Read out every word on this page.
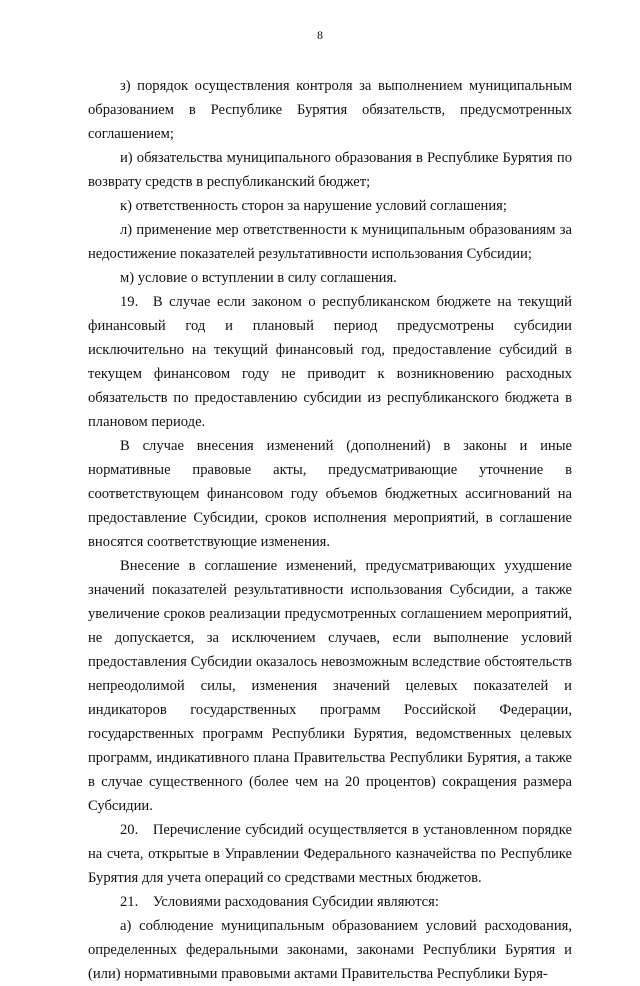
8

з) порядок осуществления контроля за выполнением муниципальным образованием в Республике Бурятия обязательств, предусмотренных соглашением;

и) обязательства муниципального образования в Республике Бурятия по возврату средств в республиканский бюджет;

к) ответственность сторон за нарушение условий соглашения;

л) применение мер ответственности к муниципальным образованиям за недостижение показателей результативности использования Субсидии;

м) условие о вступлении в силу соглашения.

19. В случае если законом о республиканском бюджете на текущий финансовый год и плановый период предусмотрены субсидии исключительно на текущий финансовый год, предоставление субсидий в текущем финансовом году не приводит к возникновению расходных обязательств по предоставлению субсидии из республиканского бюджета в плановом периоде.

В случае внесения изменений (дополнений) в законы и иные нормативные правовые акты, предусматривающие уточнение в соответствующем финансовом году объемов бюджетных ассигнований на предоставление Субсидии, сроков исполнения мероприятий, в соглашение вносятся соответствующие изменения.

Внесение в соглашение изменений, предусматривающих ухудшение значений показателей результативности использования Субсидии, а также увеличение сроков реализации предусмотренных соглашением мероприятий, не допускается, за исключением случаев, если выполнение условий предоставления Субсидии оказалось невозможным вследствие обстоятельств непреодолимой силы, изменения значений целевых показателей и индикаторов государственных программ Российской Федерации, государственных программ Республики Бурятия, ведомственных целевых программ, индикативного плана Правительства Республики Бурятия, а также в случае существенного (более чем на 20 процентов) сокращения размера Субсидии.

20. Перечисление субсидий осуществляется в установленном порядке на счета, открытые в Управлении Федерального казначейства по Республике Бурятия для учета операций со средствами местных бюджетов.

21. Условиями расходования Субсидии являются:

а) соблюдение муниципальным образованием условий расходования, определенных федеральными законами, законами Республики Бурятия и (или) нормативными правовыми актами Правительства Республики Буря-
